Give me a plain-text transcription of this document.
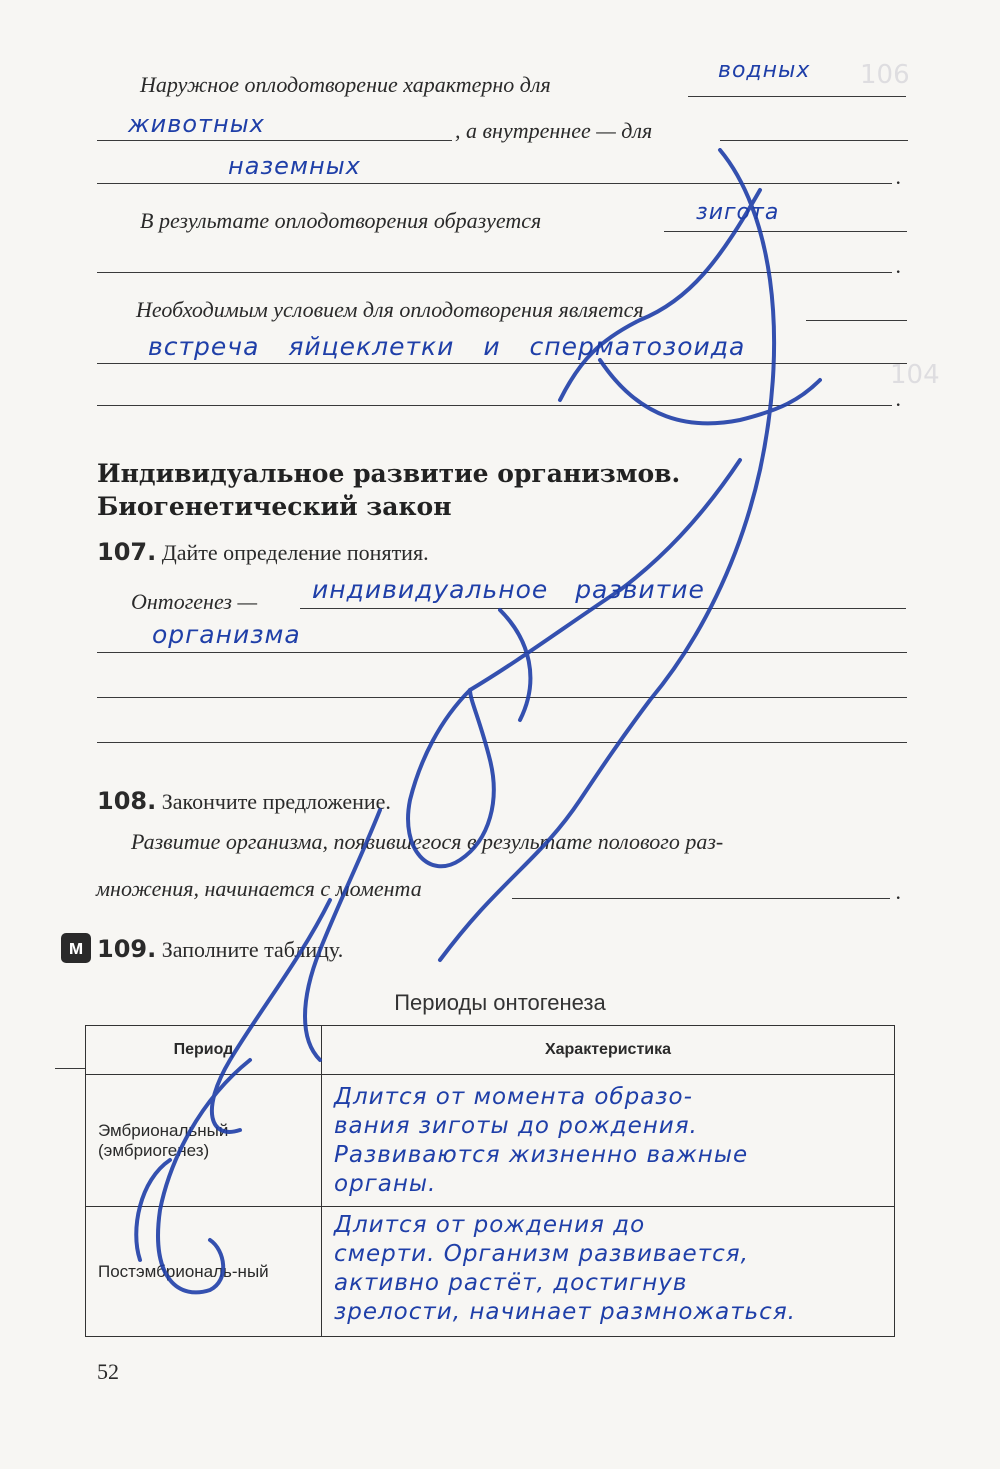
106
104
Наружное оплодотворение характерно для
водных
животных	, а внутреннее — для
наземных	.
В результате оплодотворения образуется	зигота
.
Необходимым условием для оплодотворения является
встреча яйцеклетки и сперматозоида
.
Индивидуальное развитие организмов.
Биогенетический закон
107. Дайте определение понятия.
Онтогенез — индивидуальное развитие
организма
108. Закончите предложение.
Развитие организма, появившегося в результате полового раз-
множения, начинается с момента	.
м 109. Заполните таблицу.
Периоды онтогенеза
Период	Характеристика
Эмбриональный (эмбриогенез)	Длится от момента образо-
вания зиготы до рождения.
Развиваются жизненно важные
органы.

Постэмбриональ-ный	Длится от рождения до
смерти. Организм развивается,
активно растёт, достигнув
зрелости, начинает размножаться.
52
